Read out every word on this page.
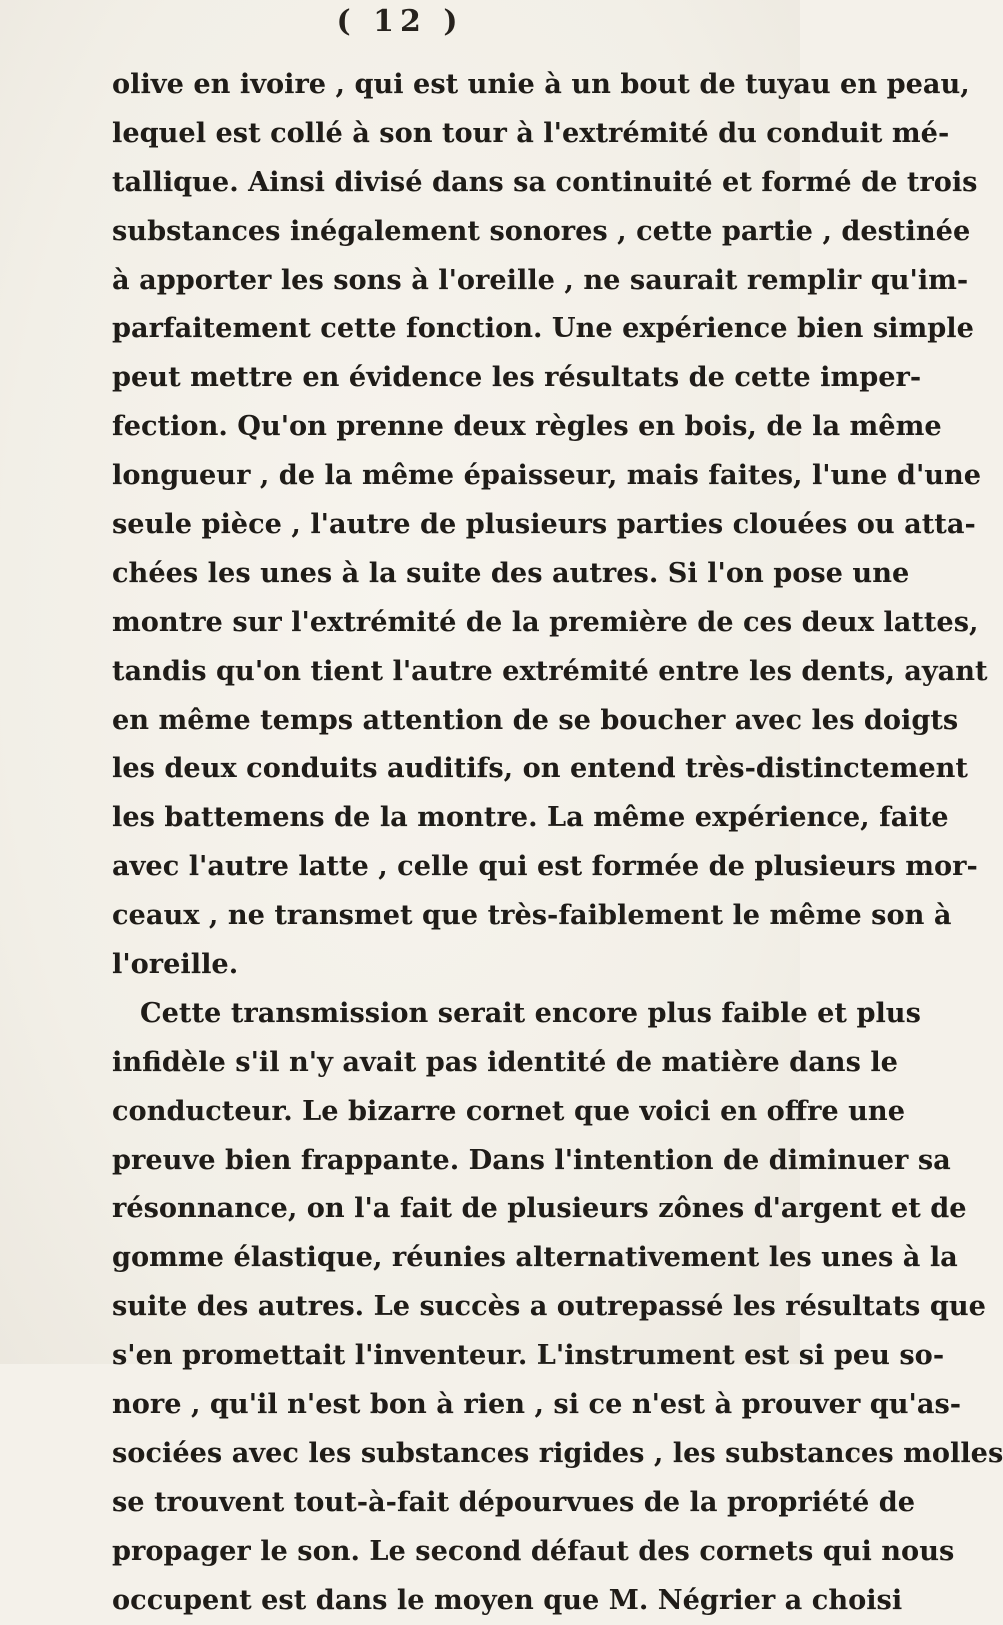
( 12 )
olive en ivoire , qui est unie à un bout de tuyau en peau,
lequel est collé à son tour à l'extrémité du conduit mé-
tallique. Ainsi divisé dans sa continuité et formé de trois
substances inégalement sonores , cette partie , destinée
à apporter les sons à l'oreille , ne saurait remplir qu'im-
parfaitement cette fonction. Une expérience bien simple
peut mettre en évidence les résultats de cette imper-
fection. Qu'on prenne deux règles en bois, de la même
longueur , de la même épaisseur, mais faites, l'une d'une
seule pièce , l'autre de plusieurs parties clouées ou atta-
chées les unes à la suite des autres. Si l'on pose une
montre sur l'extrémité de la première de ces deux lattes,
tandis qu'on tient l'autre extrémité entre les dents, ayant
en même temps attention de se boucher avec les doigts
les deux conduits auditifs, on entend très-distinctement
les battemens de la montre. La même expérience, faite
avec l'autre latte , celle qui est formée de plusieurs mor-
ceaux , ne transmet que très-faiblement le même son à
l'oreille.
Cette transmission serait encore plus faible et plus
infidèle s'il n'y avait pas identité de matière dans le
conducteur. Le bizarre cornet que voici en offre une
preuve bien frappante. Dans l'intention de diminuer sa
résonnance, on l'a fait de plusieurs zônes d'argent et de
gomme élastique, réunies alternativement les unes à la
suite des autres. Le succès a outrepassé les résultats que
s'en promettait l'inventeur. L'instrument est si peu so-
nore , qu'il n'est bon à rien , si ce n'est à prouver qu'as-
sociées avec les substances rigides , les substances molles
se trouvent tout-à-fait dépourvues de la propriété de
propager le son. Le second défaut des cornets qui nous
occupent est dans le moyen que M. Négrier a choisi
